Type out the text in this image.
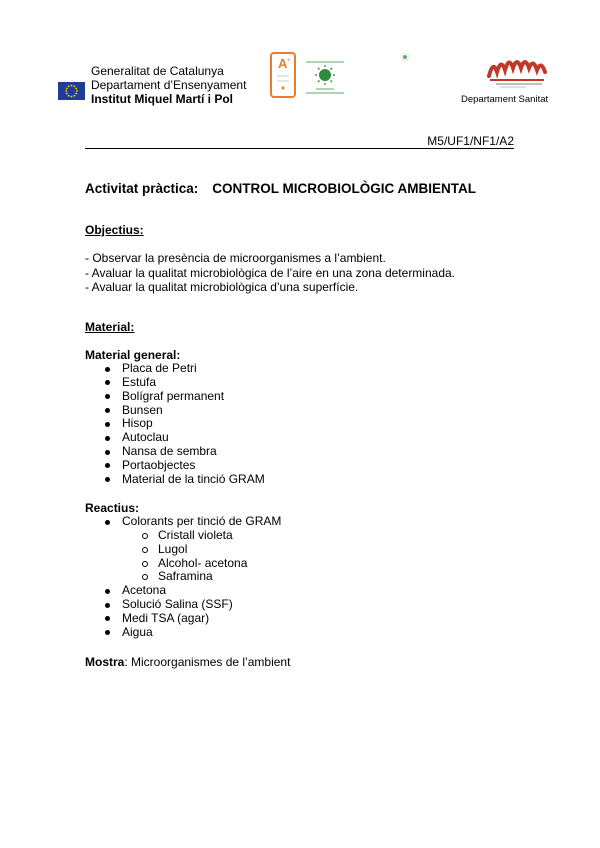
Generalitat de Catalunya
Departament d’Ensenyament
Institut Miquel Martí i Pol
A +
Departament Sanitat
M5/UF1/NF1/A2
Activitat pràctica: CONTROL MICROBIOLÒGIC AMBIENTAL
Objectius:
- Observar la presència de microorganismes a l’ambient.
- Avaluar la qualitat microbiològica de l’aire en una zona determinada.
- Avaluar la qualitat microbiològica d’una superfície.
Material:
Material general:
Placa de Petri
Estufa
Bolígraf permanent
Bunsen
Hisop
Autoclau
Nansa de sembra
Portaobjectes
Material de la tinció GRAM
Reactius:
Colorants per tinció de GRAM
Cristall violeta
Lugol
Alcohol- acetona
Saframina
Acetona
Solució Salina (SSF)
Medi TSA (agar)
Aigua
Mostra: Microorganismes de l’ambient
